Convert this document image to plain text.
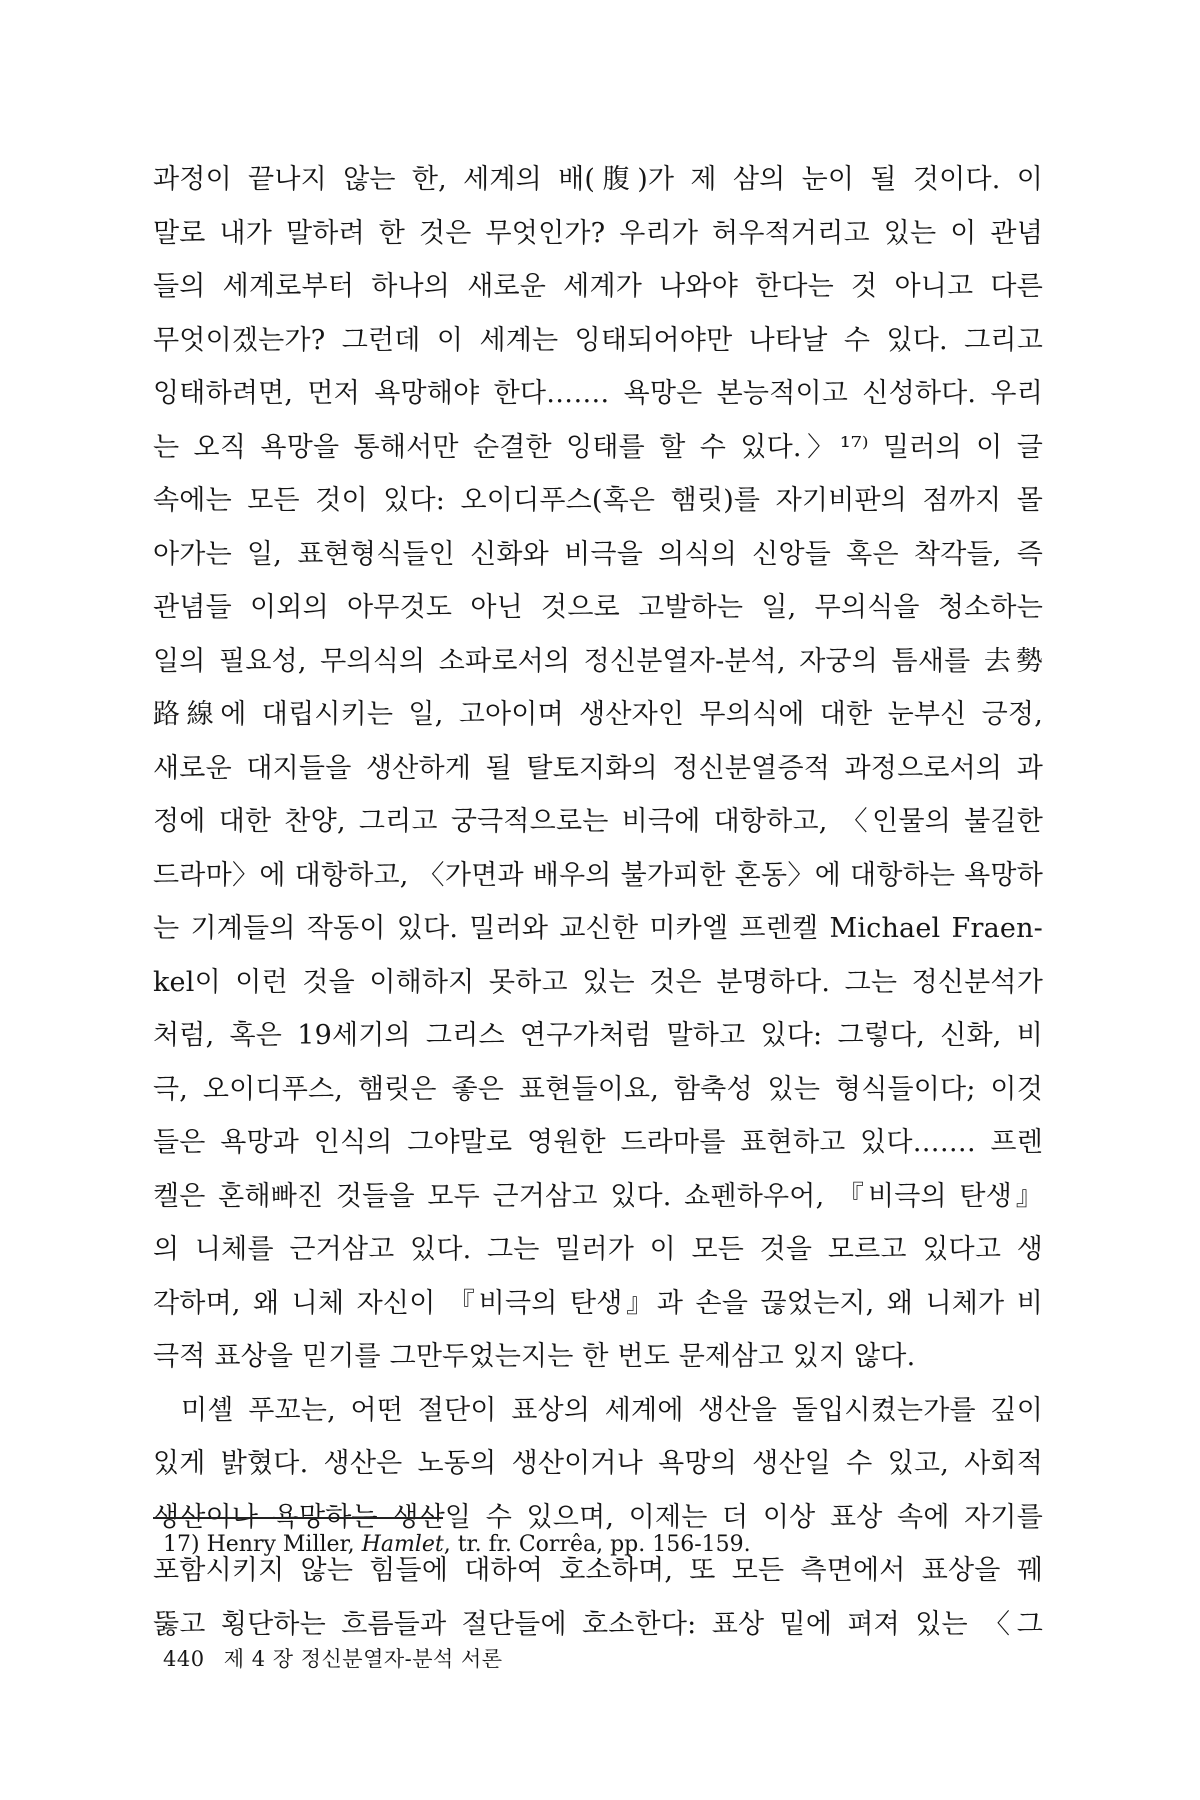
과정이 끝나지 않는 한, 세계의 배(腹)가 제 삼의 눈이 될 것이다. 이
말로 내가 말하려 한 것은 무엇인가? 우리가 허우적거리고 있는 이 관념
들의 세계로부터 하나의 새로운 세계가 나와야 한다는 것 아니고 다른
무엇이겠는가? 그런데 이 세계는 잉태되어야만 나타날 수 있다. 그리고
잉태하려면, 먼저 욕망해야 한다……. 욕망은 본능적이고 신성하다. 우리
는 오직 욕망을 통해서만 순결한 잉태를 할 수 있다.〉¹⁷⁾ 밀러의 이 글
속에는 모든 것이 있다: 오이디푸스(혹은 햄릿)를 자기비판의 점까지 몰
아가는 일, 표현형식들인 신화와 비극을 의식의 신앙들 혹은 착각들, 즉
관념들 이외의 아무것도 아닌 것으로 고발하는 일, 무의식을 청소하는
일의 필요성, 무의식의 소파로서의 정신분열자-분석, 자궁의 틈새를 去勢
路線에 대립시키는 일, 고아이며 생산자인 무의식에 대한 눈부신 긍정,
새로운 대지들을 생산하게 될 탈토지화의 정신분열증적 과정으로서의 과
정에 대한 찬양, 그리고 궁극적으로는 비극에 대항하고, 〈인물의 불길한
드라마〉에 대항하고, 〈가면과 배우의 불가피한 혼동〉에 대항하는 욕망하
는 기계들의 작동이 있다. 밀러와 교신한 미카엘 프렌켈 Michael Fraen-
kel이 이런 것을 이해하지 못하고 있는 것은 분명하다. 그는 정신분석가
처럼, 혹은 19세기의 그리스 연구가처럼 말하고 있다: 그렇다, 신화, 비
극, 오이디푸스, 햄릿은 좋은 표현들이요, 함축성 있는 형식들이다; 이것
들은 욕망과 인식의 그야말로 영원한 드라마를 표현하고 있다……. 프렌
켈은 혼해빠진 것들을 모두 근거삼고 있다. 쇼펜하우어, 『비극의 탄생』
의 니체를 근거삼고 있다. 그는 밀러가 이 모든 것을 모르고 있다고 생
각하며, 왜 니체 자신이 『비극의 탄생』과 손을 끊었는지, 왜 니체가 비
극적 표상을 믿기를 그만두었는지는 한 번도 문제삼고 있지 않다.
미셸 푸꼬는, 어떤 절단이 표상의 세계에 생산을 돌입시켰는가를 깊이
있게 밝혔다. 생산은 노동의 생산이거나 욕망의 생산일 수 있고, 사회적
생산이나 욕망하는 생산일 수 있으며, 이제는 더 이상 표상 속에 자기를
포함시키지 않는 힘들에 대하여 호소하며, 또 모든 측면에서 표상을 꿰
뚫고 횡단하는 흐름들과 절단들에 호소한다: 표상 밑에 펴져 있는 〈그
17) Henry Miller, Hamlet, tr. fr. Corrêa, pp. 156-159.
440 제 4 장 정신분열자-분석 서론
